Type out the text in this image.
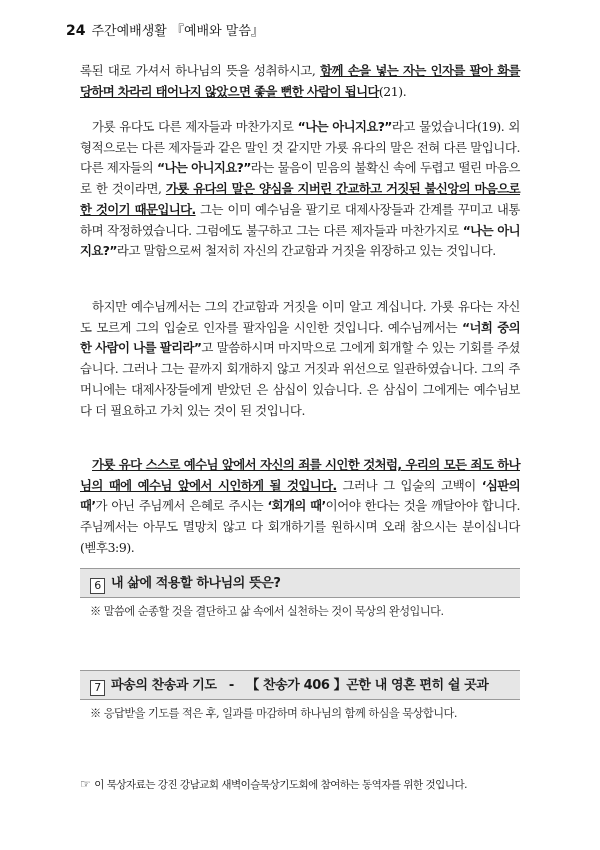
24 주간예배생활 『예배와 말씀』
록된 대로 가셔서 하나님의 뜻을 성취하시고, 함께 손을 넣는 자는 인자를 팔아 화를 당하며 차라리 태어나지 않았으면 좋을 뻔한 사람이 됩니다(21).
가룟 유다도 다른 제자들과 마찬가지로 “나는 아니지요?”라고 물었습니다(19). 외형적으로는 다른 제자들과 같은 말인 것 같지만 가룟 유다의 말은 전혀 다른 말입니다. 다른 제자들의 “나는 아니지요?”라는 물음이 믿음의 불확신 속에 두렵고 떨린 마음으로 한 것이라면, 가룟 유다의 말은 양심을 지버린 간교하고 거짓된 불신앙의 마음으로 한 것이기 때문입니다. 그는 이미 예수님을 팔기로 대제사장들과 간계를 꾸미고 내통하며 작정하였습니다. 그럼에도 불구하고 그는 다른 제자들과 마찬가지로 “나는 아니지요?”라고 말함으로써 철저히 자신의 간교함과 거짓을 위장하고 있는 것입니다.
하지만 예수님께서는 그의 간교함과 거짓을 이미 알고 계십니다. 가룟 유다는 자신도 모르게 그의 입술로 인자를 팔자임을 시인한 것입니다. 예수님께서는 “너희 중의 한 사람이 나를 팔리라”고 말씀하시며 마지막으로 그에게 회개할 수 있는 기회를 주셨습니다. 그러나 그는 끝까지 회개하지 않고 거짓과 위선으로 일관하였습니다. 그의 주머니에는 대제사장들에게 받았던 은 삼십이 있습니다. 은 삼십이 그에게는 예수님보다 더 필요하고 가치 있는 것이 된 것입니다.
가룟 유다 스스로 예수님 앞에서 자신의 죄를 시인한 것처럼, 우리의 모든 죄도 하나님의 때에 예수님 앞에서 시인하게 될 것입니다. 그러나 그 입술의 고백이 ‘심판의 때’가 아닌 주님께서 은혜로 주시는 ‘회개의 때’이어야 한다는 것을 깨달아야 합니다. 주님께서는 아무도 멸망치 않고 다 회개하기를 원하시며 오래 참으시는 분이십니다(벧후3:9).
6 내 삶에 적용할 하나님의 뜻은?
※ 말씀에 순종할 것을 결단하고 삶 속에서 실천하는 것이 묵상의 완성입니다.
7 파송의 찬송과 기도   -   【 찬송가 406 】곤한 내 영혼 편히 쉴 곳과
※ 응답받을 기도를 적은 후, 일과를 마감하며 하나님의 함께 하심을 묵상합니다.
☞ 이 묵상자료는 강진 강남교회 새벽이슬묵상기도회에 참여하는 동역자를 위한 것입니다.
